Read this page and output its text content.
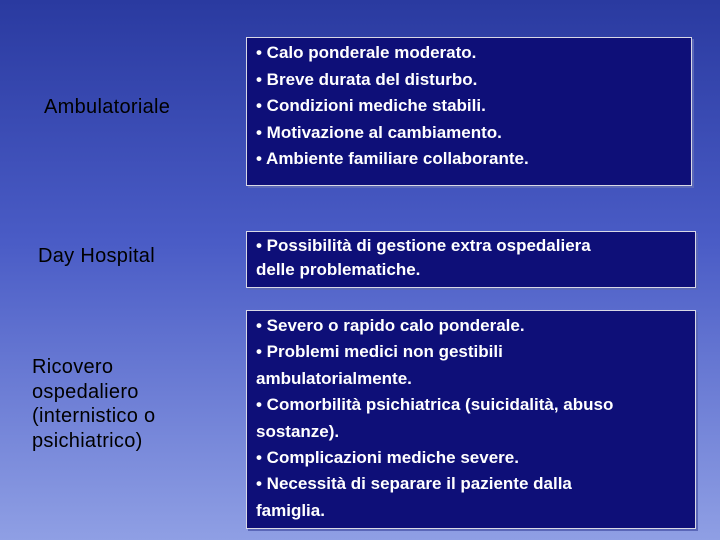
Ambulatoriale
• Calo ponderale moderato.
• Breve durata del disturbo.
• Condizioni mediche stabili.
• Motivazione al cambiamento.
• Ambiente familiare collaborante.
Day Hospital	• Possibilità di gestione extra ospedaliera
delle problematiche.
Ricovero
ospedaliero
(internistico o
psichiatrico)
• Severo o rapido calo ponderale.
• Problemi medici non gestibili
ambulatorialmente.
• Comorbilità psichiatrica (suicidalità, abuso
sostanze).
• Complicazioni mediche severe.
• Necessità di separare il paziente dalla
famiglia.
